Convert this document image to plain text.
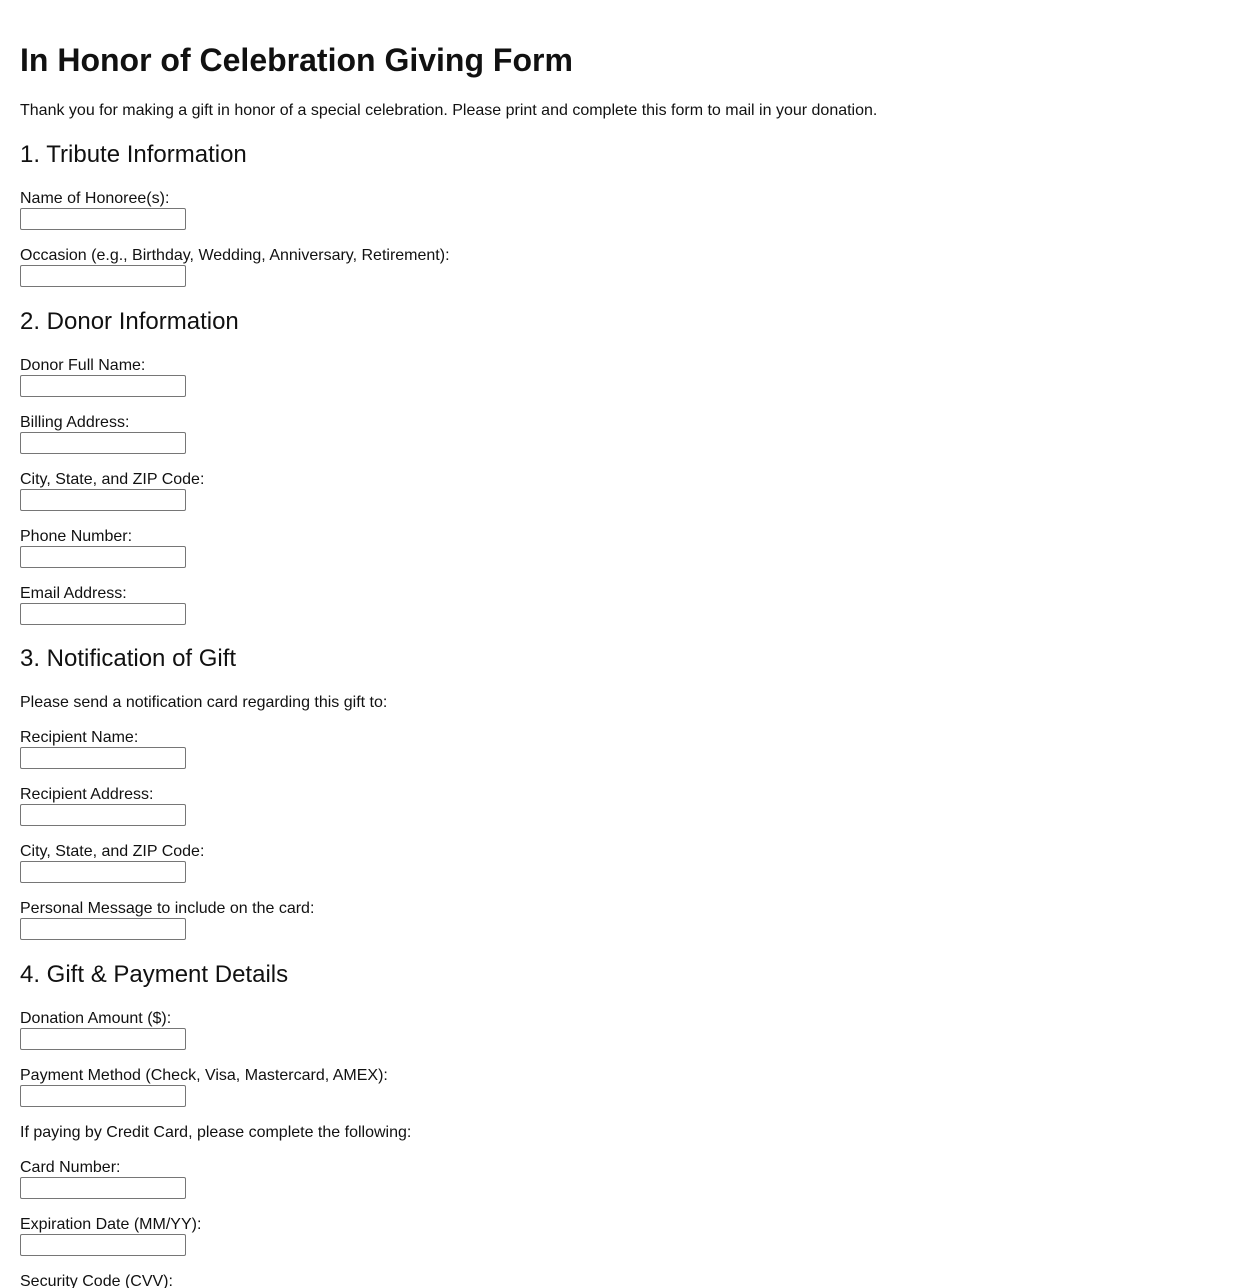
In Honor of Celebration Giving Form

Thank you for making a gift in honor of a special celebration. Please print and complete this form to mail in your donation.

1. Tribute Information
Name of Honoree(s):
Occasion (e.g., Birthday, Wedding, Anniversary, Retirement):
2. Donor Information
Donor Full Name:
Billing Address:
City, State, and ZIP Code:
Phone Number:
Email Address:
3. Notification of Gift

Please send a notification card regarding this gift to:

Recipient Name:
Recipient Address:
City, State, and ZIP Code:
Personal Message to include on the card:
4. Gift & Payment Details
Donation Amount ($):
Payment Method (Check, Visa, Mastercard, AMEX):

If paying by Credit Card, please complete the following:

Card Number:
Expiration Date (MM/YY):
Security Code (CVV):
